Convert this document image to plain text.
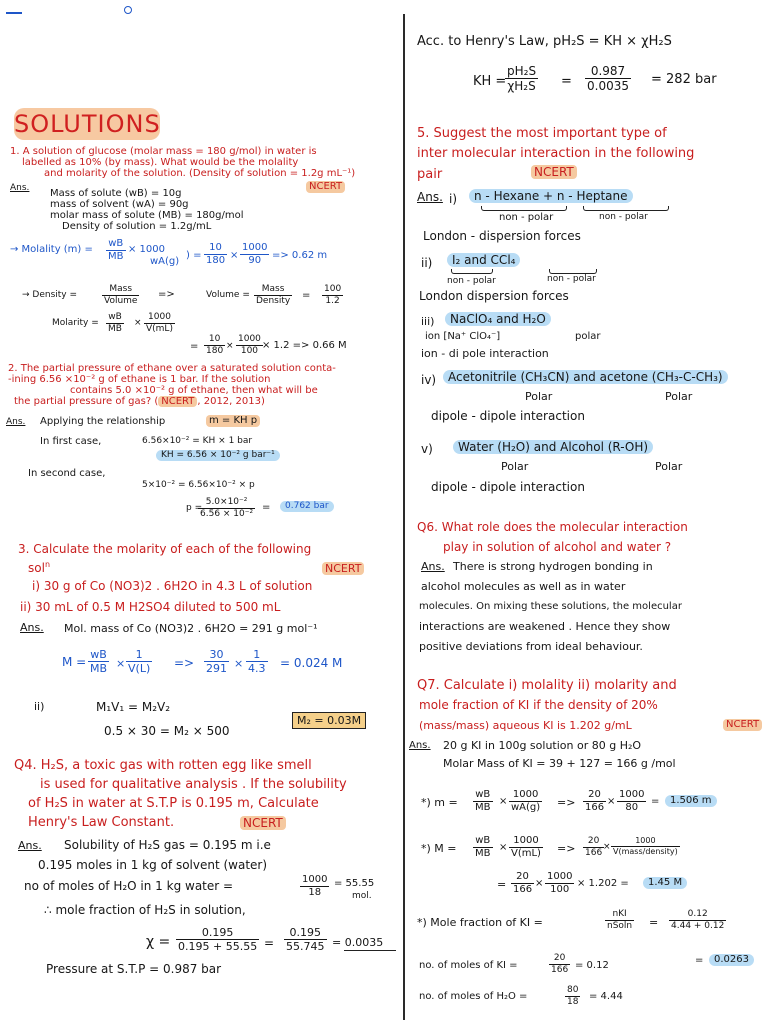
SOLUTIONS
1. A solution of glucose (molar mass = 180 g/mol) in water is
labelled as 10% (by mass). What would be the molality
and molarity of the solution. (Density of solution = 1.2g mL⁻¹)
NCERT
Ans. Mass of solute (wB) = 10g
mass of solvent (wA) = 90g
molar mass of solute (MB) = 180g/mol
Density of solution = 1.2g/mL
→ Molality $(m) = \frac{wB}{MB} \times 1000$
wA(g)
) = $\frac{10}{180} \times \frac{1000}{90} => 0.62$ m
→ Density =
Mass
Volume
=>	Volume =
Mass
Density = $\frac{100}{1.2}$
Molarity = $\frac{wB}{MB} \times \frac{1000}{V(mL)}$
= $\frac{10}{180} \times \frac{1000}{100} \times 1.2 => 0.66$ M
2. The partial pressure of ethane over a saturated solution conta-
-ining 6.56 ×10⁻² g of ethane is 1 bar. If the solution
contains 5.0 ×10⁻² g of ethane, then what will be
the partial pressure of gas? ( NCERT , 2012, 2013)
Ans. Applying the relationship	m = KH p
In first case,	6.56×10⁻² = KH × 1 bar
KH = 6.56 × 10⁻² g bar⁻¹
In second case,
5×10⁻² = 6.56×10⁻² × p
p =
$\frac{\text{5.0×10⁻²}}{\text{6.56 × 10⁻²}}$ =	0.762 bar
3. Calculate the molarity of each of the following
sol$^n$	NCERT
i) 30 g of Co (NO3)2 . 6H2O in 4.3 L of solution
ii) 30 mL of 0.5 M H2SO4 diluted to 500 mL
Ans. Mol. mass of Co (NO3)2 . 6H2O = 291 g mol⁻¹
$M = \frac{wB}{MB} \times \frac{1}{V(L)} => \frac{30}{291} \times \frac{1}{4.3} = 0.024$ M
ii)	M₁V₁ = M₂V₂
0.5 × 30 = M₂ × 500
M₂ = 0.03M
Q4. H₂S, a toxic gas with rotten egg like smell
is used for qualitative analysis . If the solubility
of H₂S in water at S.T.P is 0.195 m, Calculate
Henry's Law Constant.	NCERT
Ans. Solubility of H₂S gas = 0.195 m i.e
0.195 moles in 1 kg of solvent (water)
no of moles of H₂O in 1 kg water =	$\frac{1000}{18} = 55.55$
mol.
∴ mole fraction of H₂S in solution,
$\chi = \frac{0.195}{0.195 + 55.55} = \frac{0.195}{55.745} = 0.0035$
Pressure at S.T.P = 0.987 bar
Acc. to Henry's Law, pH₂S = KH × χH₂S
KH =
$\frac{\text{pH₂S}}{\text{χH₂S}} = \frac{0.987}{0.0035} = 282$ bar
5. Suggest the most important type of
inter molecular interaction in the following
pair	NCERT
Ans. i)	n - Hexane + n - Heptane
non - polar	non - polar
London - dispersion forces
ii)	I₂ and CCl₄
non - polar	non - polar
London dispersion forces
iii)	NaClO₄ and H₂O
ion [Na⁺ ClO₄⁻]	polar
ion - di pole interaction
iv) Acetonitrile (CH₃CN) and acetone (CH₃-C-CH₃)
Polar	Polar
dipole - dipole interaction
v)	Water (H₂O) and Alcohol (R-OH)
Polar	Polar
dipole - dipole interaction
Q6. What role does the molecular interaction
play in solution of alcohol and water ?
Ans. There is strong hydrogen bonding in
alcohol molecules as well as in water
molecules. On mixing these solutions, the molecular
interactions are weakened . Hence they show
positive deviations from ideal behaviour.
Q7. Calculate i) molality ii) molarity and
mole fraction of KI if the density of 20%
(mass/mass) aqueous KI is 1.202 g/mL	NCERT
Ans. 20 g KI in 100g solution or 80 g H₂O
Molar Mass of KI = 39 + 127 = 166 g /mol
*) $m = \frac{wB}{MB} \times \frac{1000}{wA(g)} => \frac{20}{166} \times \frac{1000}{80}$ =	1.506 m
*) $M = \frac{wB}{MB} \times \frac{1000}{V(mL)} => \frac{20}{166}$
×
1000
V(mass/density)
= $\frac{20}{166} \times \frac{1000}{100} \times 1.202$ =	1.45 M
*) Mole fraction of KI =
nKI
$nSoln = \frac{0.12}{4.44 + 0.12}$
=	0.0263
no. of moles of KI =	$\frac{20}{166} = 0.12$
no. of moles of H₂O =	$\frac{80}{18} = 4.44$
